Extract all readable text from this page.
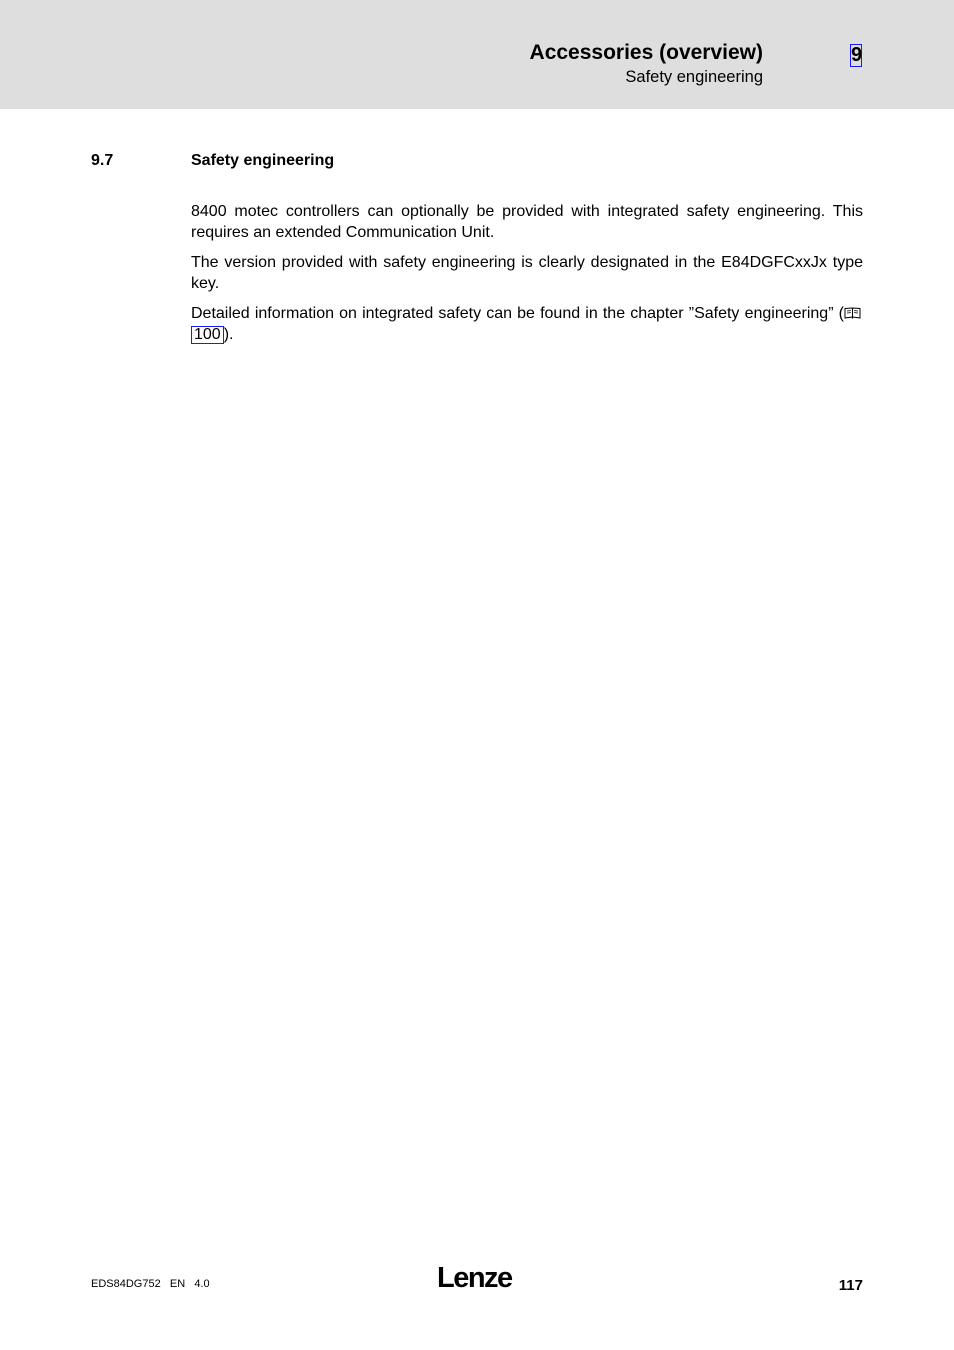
Accessories (overview)
Safety engineering
9
9.7	Safety engineering

8400 motec controllers can optionally be provided with integrated safety engineering. This requires an extended Communication Unit.

The version provided with safety engineering is clearly designated in the E84DGFCxxJx type key.

Detailed information on integrated safety can be found in the chapter ”Safety engineering” (100 ).

EDS84DG752   EN   4.0	Lenze	117
